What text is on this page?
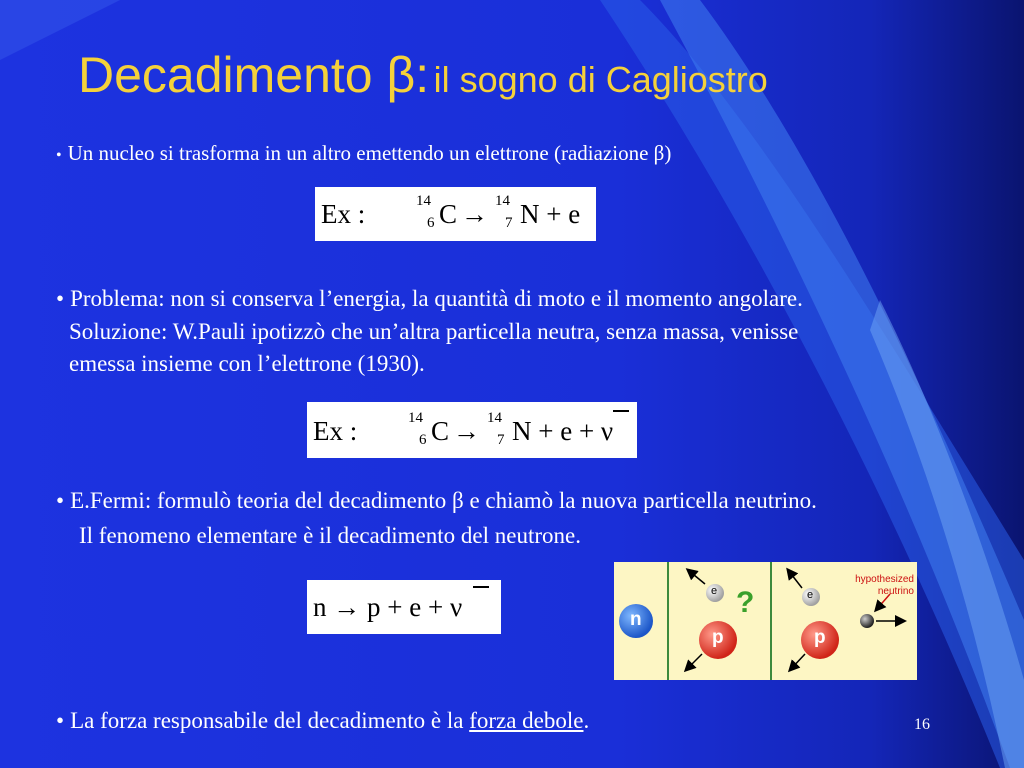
Decadimento β: il sogno di Cagliostro
• Un nucleo si trasforma in un altro emettendo un elettrone (radiazione β)
Ex :	14
6 C → 14
7 N + e
• Problema: non si conserva l’energia, la quantità di moto e il momento angolare.
Soluzione: W.Pauli ipotizzò che un’altra particella neutra, senza massa, venisse
emessa insieme con l’elettrone (1930).
Ex :	14
6 C → 14
7 N + e + ν
• E.Fermi: formulò teoria del decadimento β e chiamò la nuova particella neutrino.
Il fenomeno elementare è il decadimento del neutrone.
n → p + e + ν	n
p	p
e	e
?
hypothesized
neutrino
• La forza responsabile del decadimento è la forza debole.	16
